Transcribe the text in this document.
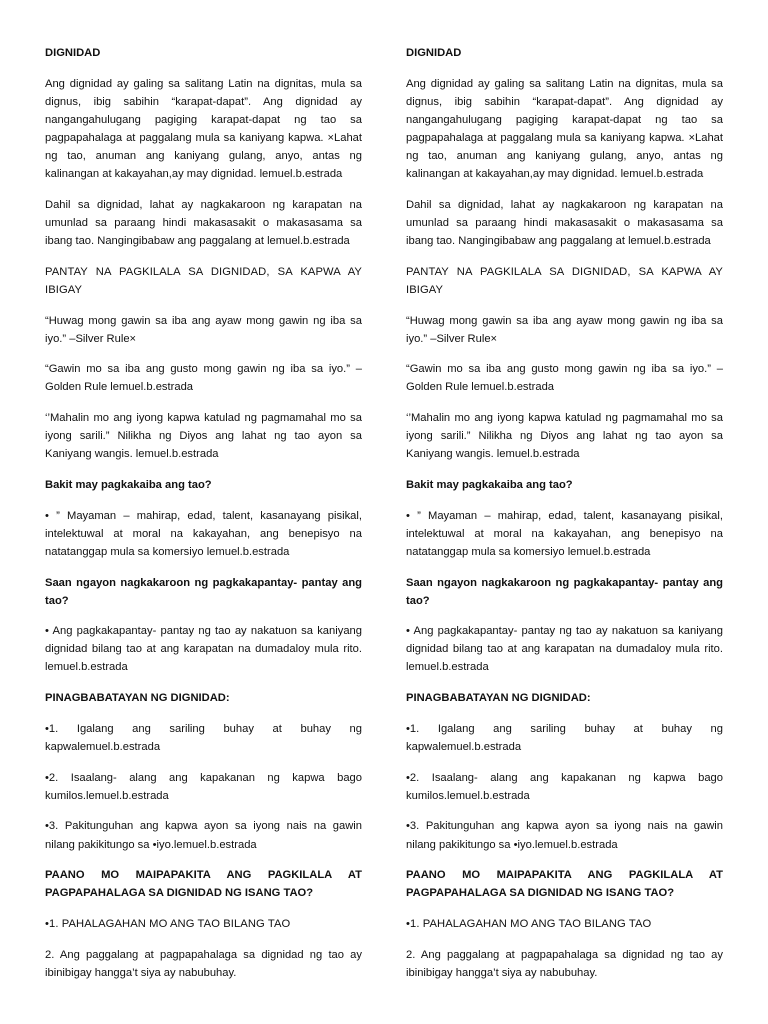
DIGNIDAD

Ang dignidad ay galing sa salitang Latin na dignitas, mula sa dignus, ibig sabihin “karapat-dapat”. Ang dignidad ay nangangahulugang pagiging karapat-dapat ng tao sa pagpapahalaga at paggalang mula sa kaniyang kapwa. ×Lahat ng tao, anuman ang kaniyang gulang, anyo, antas ng kalinangan at kakayahan,ay may dignidad. lemuel.b.estrada

Dahil sa dignidad, lahat ay nagkakaroon ng karapatan na umunlad sa paraang hindi makasasakit o makasasama sa ibang tao. Nangingibabaw ang paggalang at lemuel.b.estrada

PANTAY NA PAGKILALA SA DIGNIDAD, SA KAPWA AY IBIGAY

“Huwag mong gawin sa iba ang ayaw mong gawin ng iba sa iyo.” –Silver Rule×

“Gawin mo sa iba ang gusto mong gawin ng iba sa iyo.” –Golden Rule lemuel.b.estrada

‘’Mahalin mo ang iyong kapwa katulad ng pagmamahal mo sa iyong sarili.” Nilikha ng Diyos ang lahat ng tao ayon sa Kaniyang wangis. lemuel.b.estrada

Bakit may pagkakaiba ang tao?

• ” Mayaman – mahirap, edad, talent, kasanayang pisikal, intelektuwal at moral na kakayahan, ang benepisyo na natatanggap mula sa komersiyo lemuel.b.estrada

Saan ngayon nagkakaroon ng pagkakapantay- pantay ang tao?

• Ang pagkakapantay- pantay ng tao ay nakatuon sa kaniyang dignidad bilang tao at ang karapatan na dumadaloy mula rito. lemuel.b.estrada

PINAGBABATAYAN NG DIGNIDAD:

•1. Igalang ang sariling buhay at buhay ng kapwalemuel.b.estrada

•2. Isaalang- alang ang kapakanan ng kapwa bago kumilos.lemuel.b.estrada

•3. Pakitunguhan ang kapwa ayon sa iyong nais na gawin nilang pakikitungo sa •iyo.lemuel.b.estrada

PAANO MO MAIPAPAKITA ANG PAGKILALA AT PAGPAPAHALAGA SA DIGNIDAD NG ISANG TAO?

•1. PAHALAGAHAN MO ANG TAO BILANG TAO

2. Ang paggalang at pagpapahalaga sa dignidad ng tao ay ibinibigay hangga’t siya ay nabubuhay.

DIGNIDAD

Ang dignidad ay galing sa salitang Latin na dignitas, mula sa dignus, ibig sabihin “karapat-dapat”. Ang dignidad ay nangangahulugang pagiging karapat-dapat ng tao sa pagpapahalaga at paggalang mula sa kaniyang kapwa. ×Lahat ng tao, anuman ang kaniyang gulang, anyo, antas ng kalinangan at kakayahan,ay may dignidad. lemuel.b.estrada

Dahil sa dignidad, lahat ay nagkakaroon ng karapatan na umunlad sa paraang hindi makasasakit o makasasama sa ibang tao. Nangingibabaw ang paggalang at lemuel.b.estrada

PANTAY NA PAGKILALA SA DIGNIDAD, SA KAPWA AY IBIGAY

“Huwag mong gawin sa iba ang ayaw mong gawin ng iba sa iyo.” –Silver Rule×

“Gawin mo sa iba ang gusto mong gawin ng iba sa iyo.” –Golden Rule lemuel.b.estrada

‘’Mahalin mo ang iyong kapwa katulad ng pagmamahal mo sa iyong sarili.” Nilikha ng Diyos ang lahat ng tao ayon sa Kaniyang wangis. lemuel.b.estrada

Bakit may pagkakaiba ang tao?

• ” Mayaman – mahirap, edad, talent, kasanayang pisikal, intelektuwal at moral na kakayahan, ang benepisyo na natatanggap mula sa komersiyo lemuel.b.estrada

Saan ngayon nagkakaroon ng pagkakapantay- pantay ang tao?

• Ang pagkakapantay- pantay ng tao ay nakatuon sa kaniyang dignidad bilang tao at ang karapatan na dumadaloy mula rito. lemuel.b.estrada

PINAGBABATAYAN NG DIGNIDAD:

•1. Igalang ang sariling buhay at buhay ng kapwalemuel.b.estrada

•2. Isaalang- alang ang kapakanan ng kapwa bago kumilos.lemuel.b.estrada

•3. Pakitunguhan ang kapwa ayon sa iyong nais na gawin nilang pakikitungo sa •iyo.lemuel.b.estrada

PAANO MO MAIPAPAKITA ANG PAGKILALA AT PAGPAPAHALAGA SA DIGNIDAD NG ISANG TAO?

•1. PAHALAGAHAN MO ANG TAO BILANG TAO

2. Ang paggalang at pagpapahalaga sa dignidad ng tao ay ibinibigay hangga’t siya ay nabubuhay.
